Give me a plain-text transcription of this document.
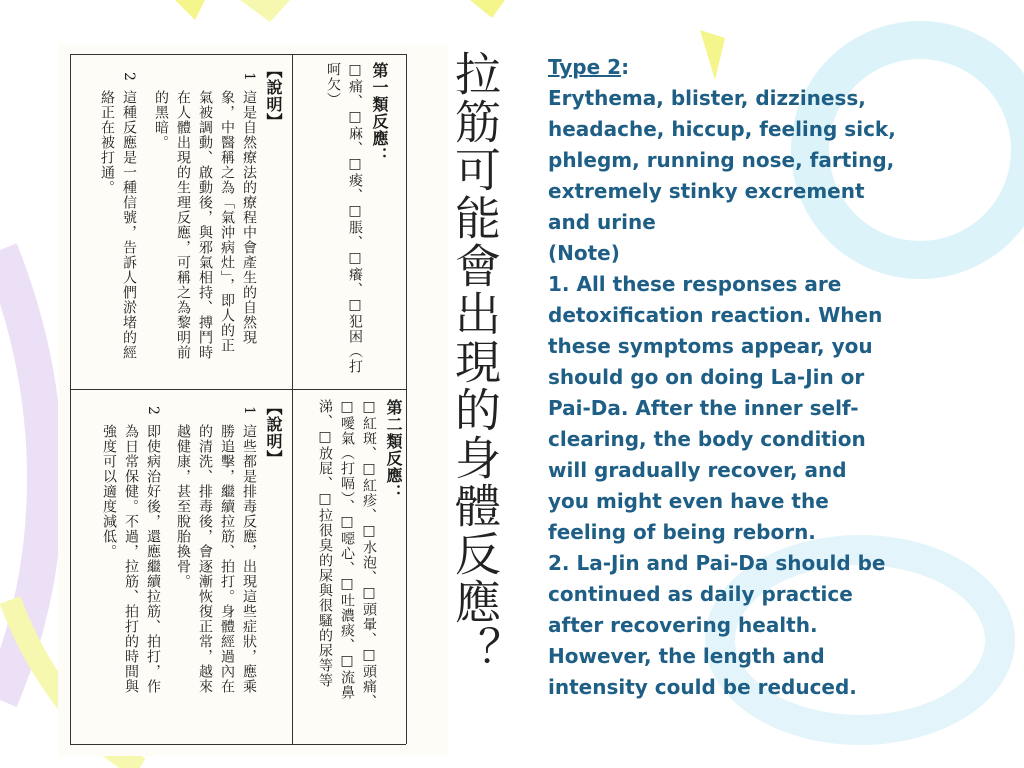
第一類反應：
□痛、□麻、□痠、□脹、□癢、□犯困（打
呵欠）
【說明】
1
這是自然療法的療程中會產生的自然現
象，中醫稱之為「氣沖病灶」，即人的正
氣被調動、啟動後，與邪氣相持、搏鬥時
在人體出現的生理反應，可稱之為黎明前
的黑暗。
2
這種反應是一種信號，告訴人們淤堵的經
絡正在被打通。
第二類反應：
□紅斑、□紅疹、□水泡、□頭暈、□頭痛、
□噯氣（打嗝）、□噁心、□吐濃痰、□流鼻
涕、□放屁、□拉很臭的屎與很騷的尿等等
【說明】
1
這些都是排毒反應，出現這些症狀，應乘
勝追擊，繼續拉筋、拍打。身體經過內在
的清洗、排毒後，會逐漸恢復正常，越來
越健康，甚至脫胎換骨。
2
即使病治好後，還應繼續拉筋、拍打，作
為日常保健。不過，拉筋、拍打的時間與
強度可以適度減低。	拉筋可能會出現的身體反應？ Type 2:
Erythema, blister, dizziness,
headache, hiccup, feeling sick,
phlegm, running nose, farting,
extremely stinky excrement
and urine
(Note)
1. All these responses are
detoxification reaction. When
these symptoms appear, you
should go on doing La-Jin or
Pai-Da. After the inner self-
clearing, the body condition
will gradually recover, and
you might even have the
feeling of being reborn.
2. La-Jin and Pai-Da should be
continued as daily practice
after recovering health.
However, the length and
intensity could be reduced.
